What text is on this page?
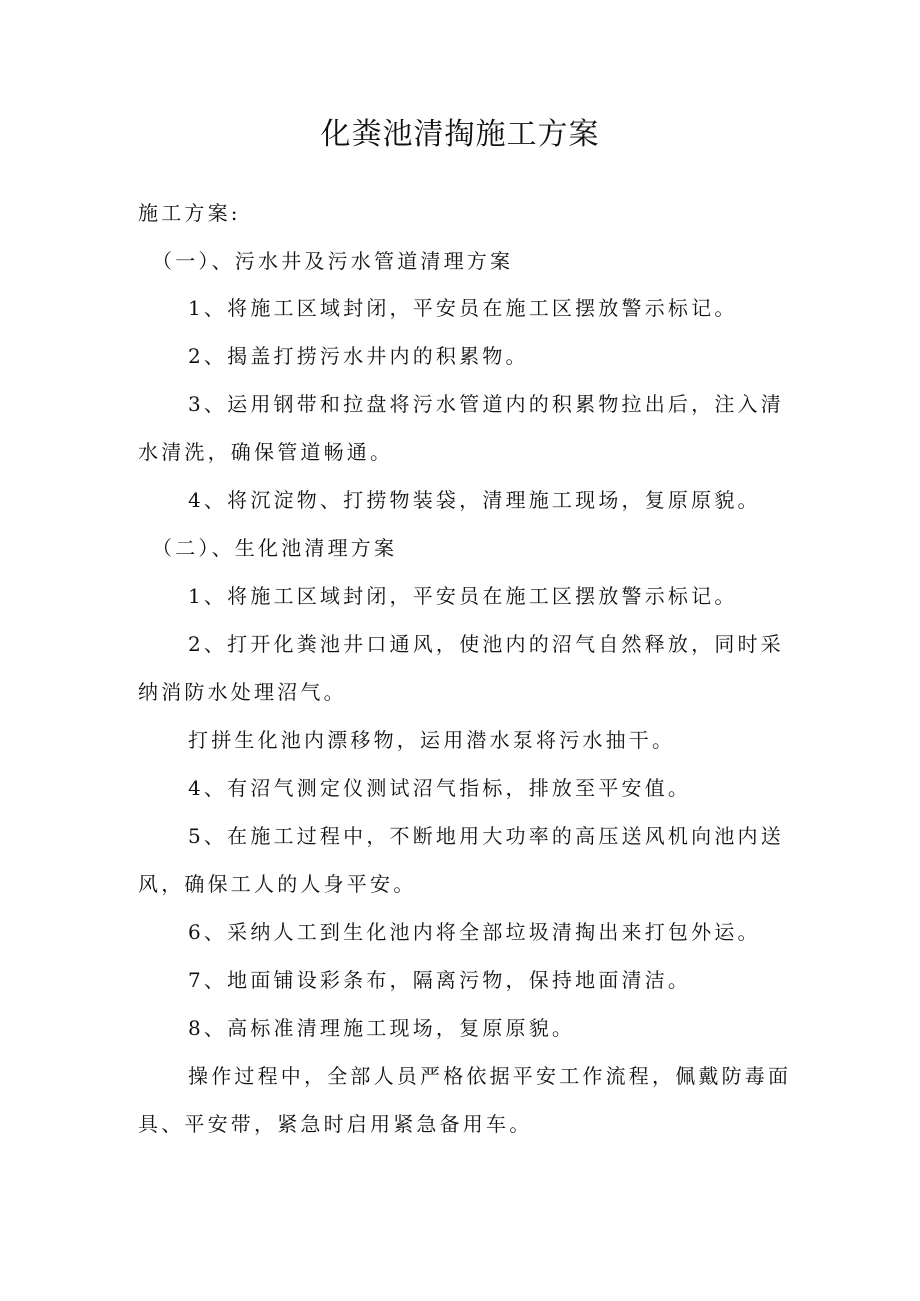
化粪池清掏施工方案
施工方案:
（一）、污水井及污水管道清理方案
1、将施工区域封闭，平安员在施工区摆放警示标记。
2、揭盖打捞污水井内的积累物。
3、运用钢带和拉盘将污水管道内的积累物拉出后，注入清
水清洗，确保管道畅通。
4、将沉淀物、打捞物装袋，清理施工现场，复原原貌。
（二）、生化池清理方案
1、将施工区域封闭，平安员在施工区摆放警示标记。
2、打开化粪池井口通风，使池内的沼气自然释放，同时采
纳消防水处理沼气。
打拼生化池内漂移物，运用潜水泵将污水抽干。
4、有沼气测定仪测试沼气指标，排放至平安值。
5、在施工过程中，不断地用大功率的高压送风机向池内送
风，确保工人的人身平安。
6、采纳人工到生化池内将全部垃圾清掏出来打包外运。
7、地面铺设彩条布，隔离污物，保持地面清洁。
8、高标准清理施工现场，复原原貌。
操作过程中，全部人员严格依据平安工作流程，佩戴防毒面
具、平安带，紧急时启用紧急备用车。
